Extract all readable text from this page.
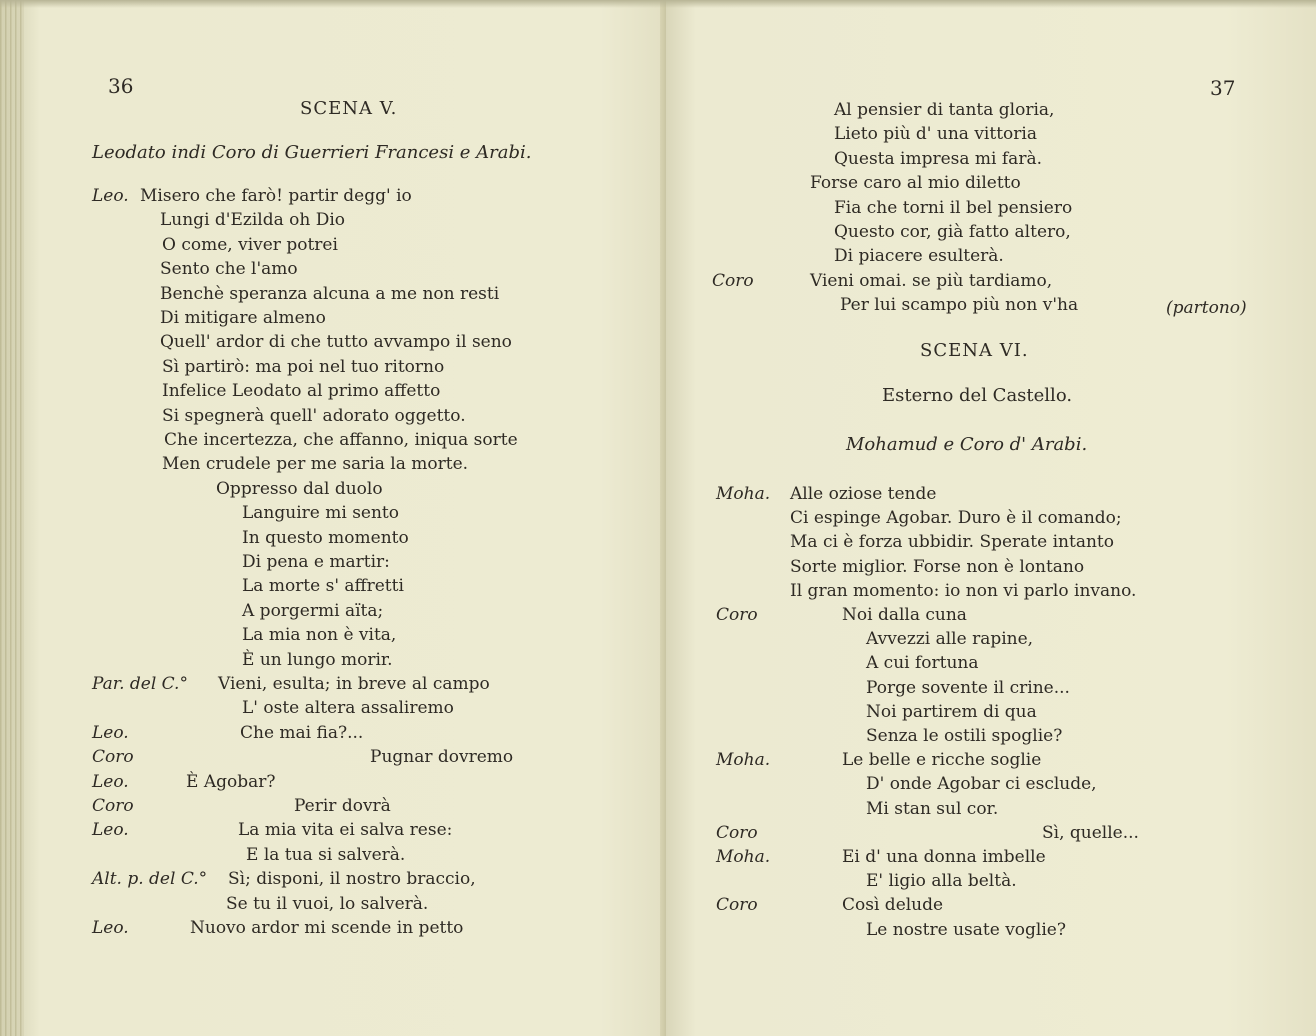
36
SCENA V.
Leodato indi Coro di Guerrieri Francesi e Arabi.
Leo. Misero che farò! partir degg' io
Lungi d'Ezilda oh Dio
O come, viver potrei
Sento che l'amo
Benchè speranza alcuna a me non resti
Di mitigare almeno
Quell' ardor di che tutto avvampo il seno
Sì partirò: ma poi nel tuo ritorno
Infelice Leodato al primo affetto
Si spegnerà quell' adorato oggetto.
Che incertezza, che affanno, iniqua sorte
Men crudele per me saria la morte.
Oppresso dal duolo
Languire mi sento
In questo momento
Di pena e martir:
La morte s' affretti
A porgermi aïta;
La mia non è vita,
È un lungo morir.
Par. del C.° Vieni, esulta; in breve al campo
L' oste altera assaliremo
Leo.	Che mai fia?...
Coro	Pugnar dovremo
Leo.	È Agobar?
Coro	Perir dovrà
Leo.	La mia vita ei salva rese:
E la tua si salverà.
Alt. p. del C.° Sì; disponi, il nostro braccio,
Se tu il vuoi, lo salverà.
Leo.	Nuovo ardor mi scende in petto
37
Al pensier di tanta gloria,
Lieto più d' una vittoria
Questa impresa mi farà.
Forse caro al mio diletto
Fia che torni il bel pensiero
Questo cor, già fatto altero,
Di piacere esulterà.
Coro	Vieni omai. se più tardiamo,
Per lui scampo più non v'ha	(partono)
SCENA VI.
Esterno del Castello.
Mohamud e Coro d' Arabi.
Moha. Alle oziose tende
Ci espinge Agobar. Duro è il comando;
Ma ci è forza ubbidir. Sperate intanto
Sorte miglior. Forse non è lontano
Il gran momento: io non vi parlo invano.
Coro	Noi dalla cuna
Avvezzi alle rapine,
A cui fortuna
Porge sovente il crine...
Noi partirem di qua
Senza le ostili spoglie?
Moha.	Le belle e ricche soglie
D' onde Agobar ci esclude,
Mi stan sul cor.
Coro	Sì, quelle...
Moha.	Ei d' una donna imbelle
E' ligio alla beltà.
Coro	Così delude
Le nostre usate voglie?
